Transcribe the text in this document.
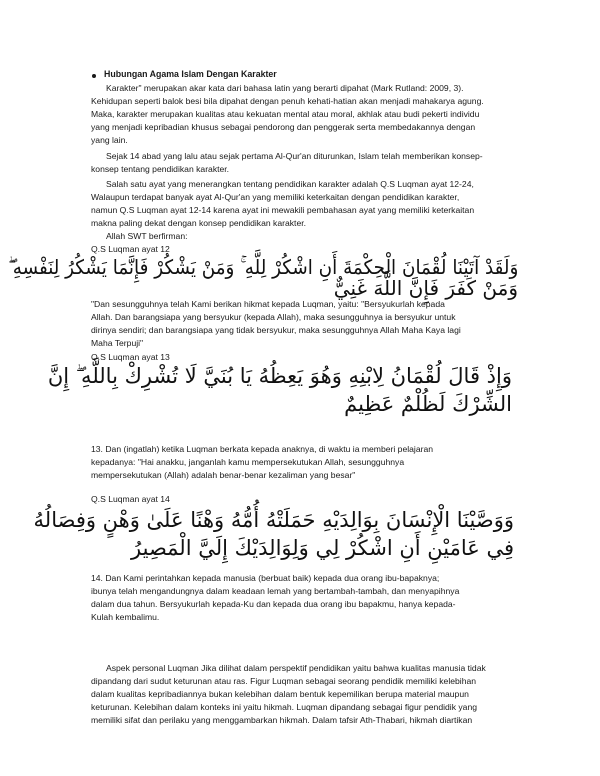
Hubungan Agama Islam Dengan Karakter
Karakter" merupakan akar kata dari bahasa latin yang berarti dipahat (Mark Rutland: 2009, 3).
Kehidupan seperti balok besi bila dipahat dengan penuh kehati-hatian akan menjadi mahakarya agung.
Maka, karakter merupakan kualitas atau kekuatan mental atau moral, akhlak atau budi pekerti individu
yang menjadi kepribadian khusus sebagai pendorong dan penggerak serta membedakannya dengan
yang lain.
Sejak 14 abad yang lalu atau sejak pertama Al-Qur'an diturunkan, Islam telah memberikan konsep-
konsep tentang pendidikan karakter.
Salah satu ayat yang menerangkan tentang pendidikan karakter adalah Q.S Luqman ayat 12-24,
Walaupun terdapat banyak ayat Al-Qur'an yang memiliki keterkaitan dengan pendidikan karakter,
namun Q.S Luqman ayat 12-14 karena ayat ini mewakili pembahasan ayat yang memiliki keterkaitan
makna paling dekat dengan konsep pendidikan karakter.
Allah SWT berfirman:
Q.S Luqman ayat 12
وَلَقَدْ آتَيْنَا لُقْمَانَ الْحِكْمَةَ أَنِ اشْكُرْ لِلَّهِ ۚ وَمَنْ يَشْكُرْ فَإِنَّمَا يَشْكُرُ لِنَفْسِهِ ۖ
وَمَنْ كَفَرَ فَإِنَّ اللَّهَ غَنِيٌّ
"Dan sesungguhnya telah Kami berikan hikmat kepada Luqman, yaitu: "Bersyukurlah kepada
Allah. Dan barangsiapa yang bersyukur (kepada Allah), maka sesungguhnya ia bersyukur untuk
dirinya sendiri; dan barangsiapa yang tidak bersyukur, maka sesungguhnya Allah Maha Kaya lagi
Maha Terpuji"
Q.S Luqman ayat 13
وَإِذْ قَالَ لُقْمَانُ لِابْنِهِ وَهُوَ يَعِظُهُ يَا بُنَيَّ لَا تُشْرِكْ بِاللَّهِ ۖ إِنَّ
الشِّرْكَ لَظُلْمٌ عَظِيمٌ
13. Dan (ingatlah) ketika Luqman berkata kepada anaknya, di waktu ia memberi pelajaran
kepadanya: "Hai anakku, janganlah kamu mempersekutukan Allah, sesungguhnya
mempersekutukan (Allah) adalah benar-benar kezaliman yang besar"
Q.S Luqman ayat 14
وَوَصَّيْنَا الْإِنْسَانَ بِوَالِدَيْهِ حَمَلَتْهُ أُمُّهُ وَهْنًا عَلَىٰ وَهْنٍ وَفِصَالُهُ
فِي عَامَيْنِ أَنِ اشْكُرْ لِي وَلِوَالِدَيْكَ إِلَيَّ الْمَصِيرُ
14. Dan Kami perintahkan kepada manusia (berbuat baik) kepada dua orang ibu-bapaknya;
ibunya telah mengandungnya dalam keadaan lemah yang bertambah-tambah, dan menyapihnya
dalam dua tahun. Bersyukurlah kepada-Ku dan kepada dua orang ibu bapakmu, hanya kepada-
Kulah kembalimu.
Aspek personal Luqman Jika dilihat dalam perspektif pendidikan yaitu bahwa kualitas manusia tidak
dipandang dari sudut keturunan atau ras. Figur Luqman sebagai seorang pendidik memiliki kelebihan
dalam kualitas kepribadiannya bukan kelebihan dalam bentuk kepemilikan berupa material maupun
keturunan. Kelebihan dalam konteks ini yaitu hikmah. Luqman dipandang sebagai figur pendidik yang
memiliki sifat dan perilaku yang menggambarkan hikmah. Dalam tafsir Ath-Thabari, hikmah diartikan
